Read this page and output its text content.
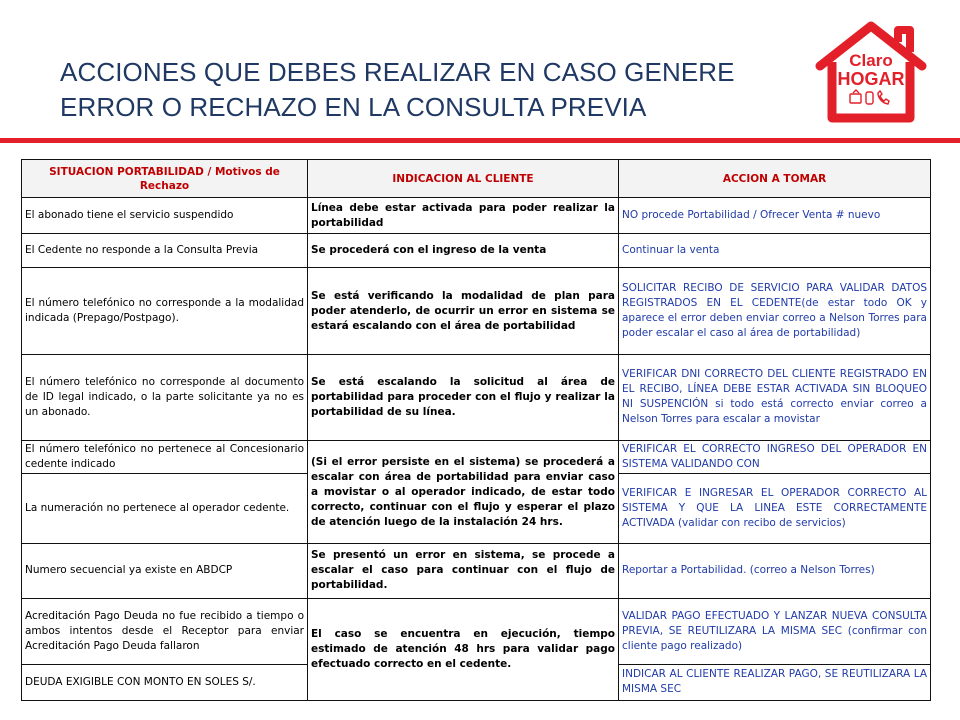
ACCIONES QUE DEBES REALIZAR EN CASO GENERE
ERROR O RECHAZO EN LA CONSULTA PREVIA
Claro
HOGAR
SITUACION PORTABILIDAD / Motivos de Rechazo	INDICACION AL CLIENTE	ACCION A TOMAR
El abonado tiene el servicio suspendido	Línea debe estar activada para poder realizar la portabilidad	NO procede Portabilidad / Ofrecer Venta # nuevo
El Cedente no responde a la Consulta Previa	Se procederá con el ingreso de la venta	Continuar la venta
El número telefónico no corresponde a la modalidad indicada (Prepago/Postpago).	Se está verificando la modalidad de plan para poder atenderlo, de ocurrir un error en sistema se estará escalando con el área de portabilidad	SOLICITAR RECIBO DE SERVICIO PARA VALIDAR DATOS REGISTRADOS EN EL CEDENTE(de estar todo OK y aparece el error deben enviar correo a Nelson Torres para poder escalar el caso al área de portabilidad)
El número telefónico no corresponde al documento de ID legal indicado, o la parte solicitante ya no es un abonado.	Se está escalando la solicitud al área de portabilidad para proceder con el flujo y realizar la portabilidad de su línea.	VERIFICAR DNI CORRECTO DEL CLIENTE REGISTRADO EN EL RECIBO, LÍNEA DEBE ESTAR ACTIVADA SIN BLOQUEO NI SUSPENCIÓN si todo está correcto enviar correo a Nelson Torres para escalar a movistar
El número telefónico no pertenece al Concesionario cedente indicado	(Si el error persiste en el sistema) se procederá a escalar con área de portabilidad para enviar caso a movistar o al operador indicado, de estar todo correcto, continuar con el flujo y esperar el plazo de atención luego de la instalación 24 hrs.	VERIFICAR EL CORRECTO INGRESO DEL OPERADOR EN SISTEMA VALIDANDO CON
La numeración no pertenece al operador cedente.		VERIFICAR E INGRESAR EL OPERADOR CORRECTO AL SISTEMA Y QUE LA LINEA ESTE CORRECTAMENTE ACTIVADA (validar con recibo de servicios)
Numero secuencial ya existe en ABDCP	Se presentó un error en sistema, se procede a escalar el caso para continuar con el flujo de portabilidad.	Reportar a Portabilidad. (correo a Nelson Torres)
Acreditación Pago Deuda no fue recibido a tiempo o ambos intentos desde el Receptor para enviar Acreditación Pago Deuda fallaron	El caso se encuentra en ejecución, tiempo estimado de atención 48 hrs para validar pago efectuado correcto en el cedente.	VALIDAR PAGO EFECTUADO Y LANZAR NUEVA CONSULTA PREVIA, SE REUTILIZARA LA MISMA SEC (confirmar con cliente pago realizado)
DEUDA EXIGIBLE CON MONTO EN SOLES S/.		INDICAR AL CLIENTE REALIZAR PAGO, SE REUTILIZARA LA MISMA SEC
